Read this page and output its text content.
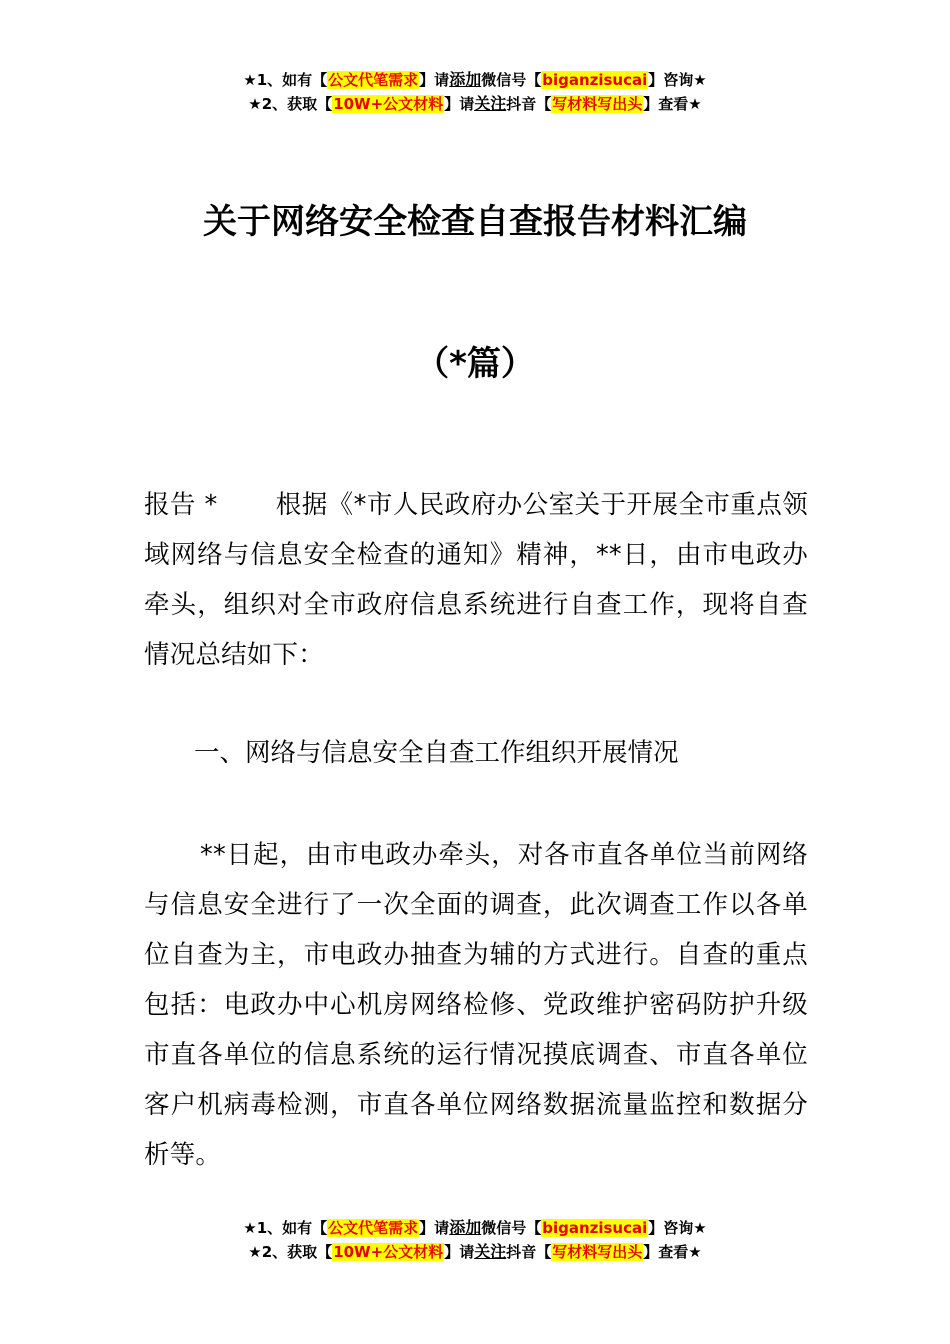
★1、如有【公文代笔需求】请添加微信号【biganzisucai】咨询★
★2、获取【10W+公文材料】请关注抖音【写材料写出头】查看★
关于网络安全检查自查报告材料汇编
（*篇）
报告 * 根据《*市人民政府办公室关于开展全市重点领域网络与信息安全检查的通知》精神，**日，由市电政办牵头，组织对全市政府信息系统进行自查工作，现将自查情况总结如下：
一、网络与信息安全自查工作组织开展情况
**日起，由市电政办牵头，对各市直各单位当前网络与信息安全进行了一次全面的调查，此次调查工作以各单位自查为主，市电政办抽查为辅的方式进行。自查的重点包括：电政办中心机房网络检修、党政维护密码防护升级市直各单位的信息系统的运行情况摸底调查、市直各单位客户机病毒检测，市直各单位网络数据流量监控和数据分析等。
★1、如有【公文代笔需求】请添加微信号【biganzisucai】咨询★
★2、获取【10W+公文材料】请关注抖音【写材料写出头】查看★
